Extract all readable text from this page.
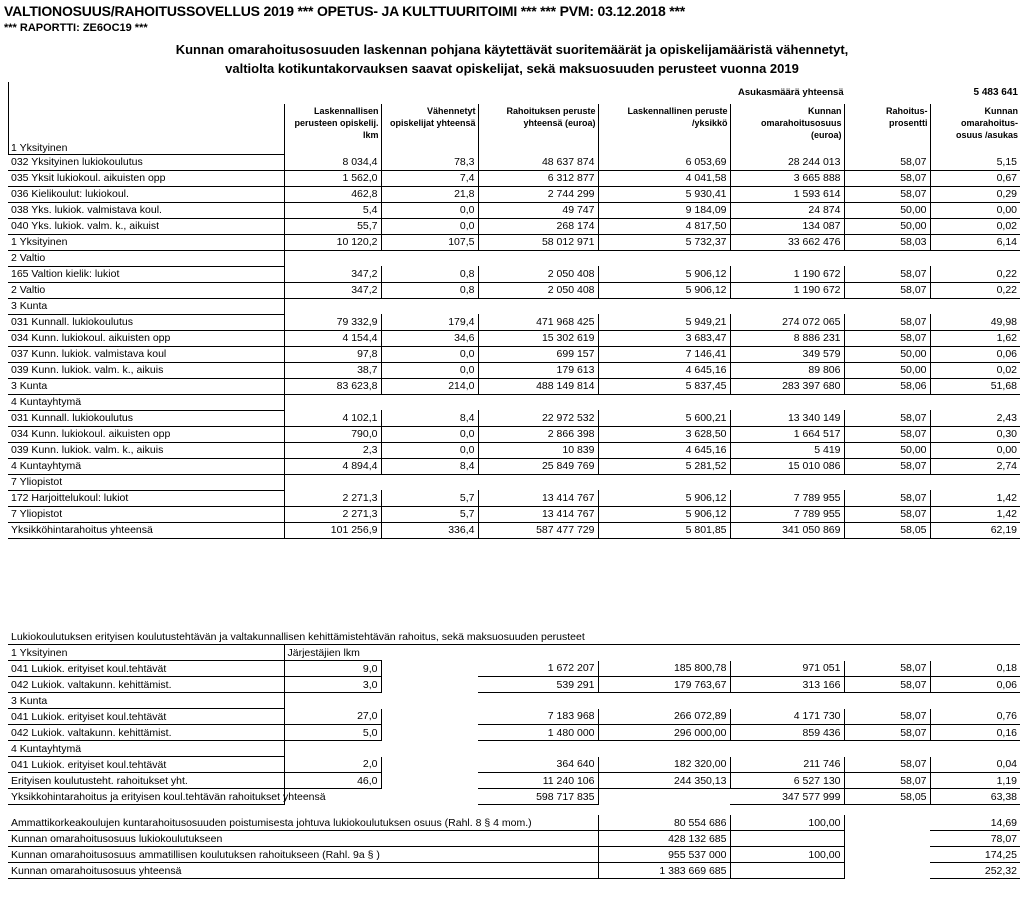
VALTIONOSUUS/RAHOITUSSOVELLUS 2019 *** OPETUS- JA KULTTUURITOIMI *** *** PVM: 03.12.2018 ***
*** RAPORTTI: ZE6OC19 ***
Kunnan omarahoitusosuuden laskennan pohjana käytettävät suoritemäärät ja opiskelijamääristä vähennetyt,
valtiolta kotikuntakorvauksen saavat opiskelijat, sekä maksuosuuden perusteet vuonna 2019
Asukasmäärä yhteensä	5 483 641
1 Yksityinen	Laskennallisen perusteen opiskelij. lkm	Vähennetyt opiskelijat yhteensä	Rahoituksen peruste yhteensä (euroa)	Laskennallinen peruste /yksikkö	Kunnan omarahoitusosuus (euroa)	Rahoitus- prosentti	Kunnan omarahoitus- osuus /asukas
032 Yksityinen lukiokoulutus	8 034,4	78,3	48 637 874	6 053,69	28 244 013	58,07	5,15
035 Yksit lukiokoul. aikuisten opp	1 562,0	7,4	6 312 877	4 041,58	3 665 888	58,07	0,67
036 Kielikoulut: lukiokoul.	462,8	21,8	2 744 299	5 930,41	1 593 614	58,07	0,29
038 Yks. lukiok. valmistava koul.	5,4	0,0	49 747	9 184,09	24 874	50,00	0,00
040 Yks. lukiok. valm. k., aikuist	55,7	0,0	268 174	4 817,50	134 087	50,00	0,02
1 Yksityinen	10 120,2	107,5	58 012 971	5 732,37	33 662 476	58,03	6,14
2 Valtio							
165 Valtion kielik: lukiot	347,2	0,8	2 050 408	5 906,12	1 190 672	58,07	0,22
2 Valtio	347,2	0,8	2 050 408	5 906,12	1 190 672	58,07	0,22
3 Kunta							
031 Kunnall. lukiokoulutus	79 332,9	179,4	471 968 425	5 949,21	274 072 065	58,07	49,98
034 Kunn. lukiokoul. aikuisten opp	4 154,4	34,6	15 302 619	3 683,47	8 886 231	58,07	1,62
037 Kunn. lukiok. valmistava koul	97,8	0,0	699 157	7 146,41	349 579	50,00	0,06
039 Kunn. lukiok. valm. k., aikuis	38,7	0,0	179 613	4 645,16	89 806	50,00	0,02
3 Kunta	83 623,8	214,0	488 149 814	5 837,45	283 397 680	58,06	51,68
4 Kuntayhtymä							
031 Kunnall. lukiokoulutus	4 102,1	8,4	22 972 532	5 600,21	13 340 149	58,07	2,43
034 Kunn. lukiokoul. aikuisten opp	790,0	0,0	2 866 398	3 628,50	1 664 517	58,07	0,30
039 Kunn. lukiok. valm. k., aikuis	2,3	0,0	10 839	4 645,16	5 419	50,00	0,00
4 Kuntayhtymä	4 894,4	8,4	25 849 769	5 281,52	15 010 086	58,07	2,74
7 Yliopistot							
172 Harjoittelukoul: lukiot	2 271,3	5,7	13 414 767	5 906,12	7 789 955	58,07	1,42
7 Yliopistot	2 271,3	5,7	13 414 767	5 906,12	7 789 955	58,07	1,42
Yksikköhintarahoitus yhteensä	101 256,9	336,4	587 477 729	5 801,85	341 050 869	58,05	62,19
Lukiokoulutuksen erityisen koulutustehtävän ja valtakunnallisen kehittämistehtävän rahoitus, sekä maksuosuuden perusteet							
1 Yksityinen	Järjestäjien lkm						
041 Lukiok. erityiset koul.tehtävät	9,0		1 672 207	185 800,78	971 051	58,07	0,18
042 Lukiok. valtakunn. kehittämist.	3,0		539 291	179 763,67	313 166	58,07	0,06
3 Kunta							
041 Lukiok. erityiset koul.tehtävät	27,0		7 183 968	266 072,89	4 171 730	58,07	0,76
042 Lukiok. valtakunn. kehittämist.	5,0		1 480 000	296 000,00	859 436	58,07	0,16
4 Kuntayhtymä							
041 Lukiok. erityiset koul.tehtävät	2,0		364 640	182 320,00	211 746	58,07	0,04
Erityisen koulutusteht. rahoitukset yht.	46,0		11 240 106	244 350,13	6 527 130	58,07	1,19
Yksikkohintarahoitus ja erityisen koul.tehtävän rahoitukset yhteensä			598 717 835		347 577 999	58,05	63,38
Ammattikorkeakoulujen kuntarahoitusosuuden poistumisesta johtuva lukiokoulutuksen osuus (Rahl. 8 § 4 mom.)	80 554 686	100,00		14,69
Kunnan omarahoitusosuus lukiokoulutukseen	428 132 685			78,07
Kunnan omarahoitusosuus ammatillisen koulutuksen rahoitukseen (Rahl. 9a § )	955 537 000	100,00		174,25
Kunnan omarahoitusosuus yhteensä	1 383 669 685			252,32
